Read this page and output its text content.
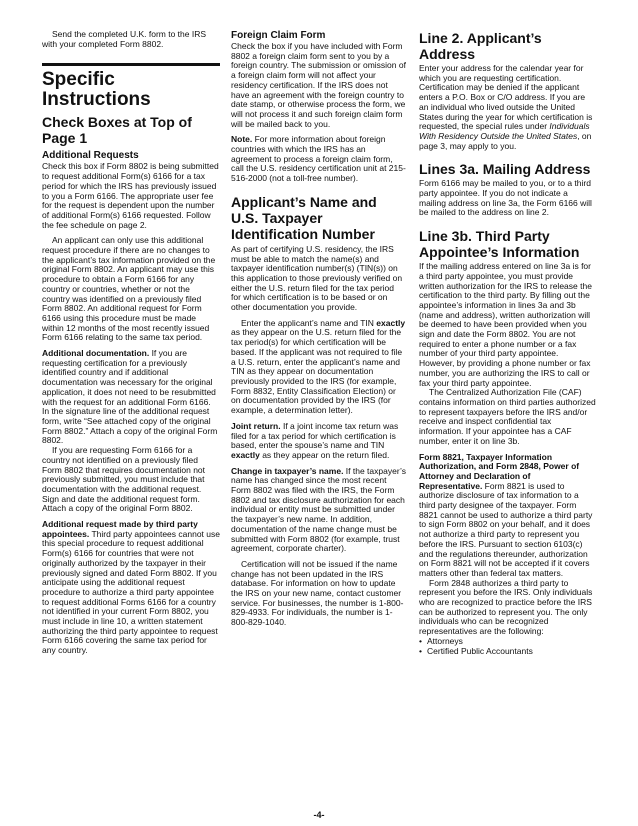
Send the completed U.K. form to the IRS with your completed Form 8802.

Specific Instructions
Check Boxes at Top of Page 1
Additional Requests

Check this box if Form 8802 is being submitted to request additional Form(s) 6166 for a tax period for which the IRS has previously issued to you a Form 6166. The appropriate user fee for the request is dependent upon the number of additional Form(s) 6166 requested. Follow the fee schedule on page 2.

An applicant can only use this additional request procedure if there are no changes to the applicant’s tax information provided on the original Form 8802. An applicant may use this procedure to obtain a Form 6166 for any country or countries, whether or not the country was identified on a previously filed Form 8802. An additional request for Form 6166 using this procedure must be made within 12 months of the most recently issued Form 6166 relating to the same tax period.

Additional documentation. If you are requesting certification for a previously identified country and if additional documentation was necessary for the original application, it does not need to be resubmitted with the request for an additional Form 6166. In the signature line of the additional request form, write “See attached copy of the original Form 8802.” Attach a copy of the original Form 8802.

If you are requesting Form 6166 for a country not identified on a previously filed Form 8802 that requires documentation not previously submitted, you must include that documentation with the additional request. Sign and date the additional request form. Attach a copy of the original Form 8802.

Additional request made by third party appointees. Third party appointees cannot use this special procedure to request additional Form(s) 6166 for countries that were not originally authorized by the taxpayer in their previously signed and dated Form 8802. If you anticipate using the additional request procedure to authorize a third party appointee to request additional Forms 6166 for a country not identified in your current Form 8802, you must include in line 10, a written statement authorizing the third party appointee to request Form 6166 covering the same tax period for any country.

Foreign Claim Form

Check the box if you have included with Form 8802 a foreign claim form sent to you by a foreign country. The submission or omission of a foreign claim form will not affect your residency certification. If the IRS does not have an agreement with the foreign country to date stamp, or otherwise process the form, we will not process it and such foreign claim form will be mailed back to you.

Note. For more information about foreign countries with which the IRS has an agreement to process a foreign claim form, call the U.S. residency certification unit at 215-516-2000 (not a toll-free number).

Applicant’s Name and U.S. Taxpayer Identification Number

As part of certifying U.S. residency, the IRS must be able to match the name(s) and taxpayer identification number(s) (TIN(s)) on this application to those previously verified on either the U.S. return filed for the tax period for which certification is to be based or on other documentation you provide.

Enter the applicant’s name and TIN exactly as they appear on the U.S. return filed for the tax period(s) for which certification will be based. If the applicant was not required to file a U.S. return, enter the applicant’s name and TIN as they appear on documentation previously provided to the IRS (for example, Form 8832, Entity Classification Election) or on documentation provided by the IRS (for example, a determination letter).

Joint return. If a joint income tax return was filed for a tax period for which certification is based, enter the spouse’s name and TIN exactly as they appear on the return filed.

Change in taxpayer’s name. If the taxpayer’s name has changed since the most recent Form 8802 was filed with the IRS, the Form 8802 and tax disclosure authorization for each individual or entity must be submitted under the taxpayer’s new name. In addition, documentation of the name change must be submitted with Form 8802 (for example, trust agreement, corporate charter).

Certification will not be issued if the name change has not been updated in the IRS database. For information on how to update the IRS on your new name, contact customer service. For businesses, the number is 1-800-829-4933. For individuals, the number is 1-800-829-1040.

Line 2. Applicant’s Address

Enter your address for the calendar year for which you are requesting certification. Certification may be denied if the applicant enters a P.O. Box or C/O address. If you are an individual who lived outside the United States during the year for which certification is requested, the special rules under Individuals With Residency Outside the United States, on page 3, may apply to you.

Lines 3a. Mailing Address

Form 6166 may be mailed to you, or to a third party appointee. If you do not indicate a mailing address on line 3a, the Form 6166 will be mailed to the address on line 2.

Line 3b. Third Party Appointee’s Information

If the mailing address entered on line 3a is for a third party appointee, you must provide written authorization for the IRS to release the certification to the third party. By filling out the appointee’s information in lines 3a and 3b (name and address), written authorization will be deemed to have been provided when you sign and date the Form 8802. You are not required to enter a phone number or a fax number of your third party appointee. However, by providing a phone number or fax number, you are authorizing the IRS to call or fax your third party appointee.

The Centralized Authorization File (CAF) contains information on third parties authorized to represent taxpayers before the IRS and/or receive and inspect confidential tax information. If your appointee has a CAF number, enter it on line 3b.

Form 8821, Taxpayer Information Authorization, and Form 2848, Power of Attorney and Declaration of Representative. Form 8821 is used to authorize disclosure of tax information to a third party designee of the taxpayer. Form 8821 cannot be used to authorize a third party to sign Form 8802 on your behalf, and it does not authorize a third party to represent you before the IRS. Pursuant to section 6103(c) and the regulations thereunder, authorization on Form 8821 will not be accepted if it covers matters other than federal tax matters.

Form 2848 authorizes a third party to represent you before the IRS. Only individuals who are recognized to practice before the IRS can be authorized to represent you. The only individuals who can be recognized representatives are the following:

• Attorneys
• Certified Public Accountants
-4-
